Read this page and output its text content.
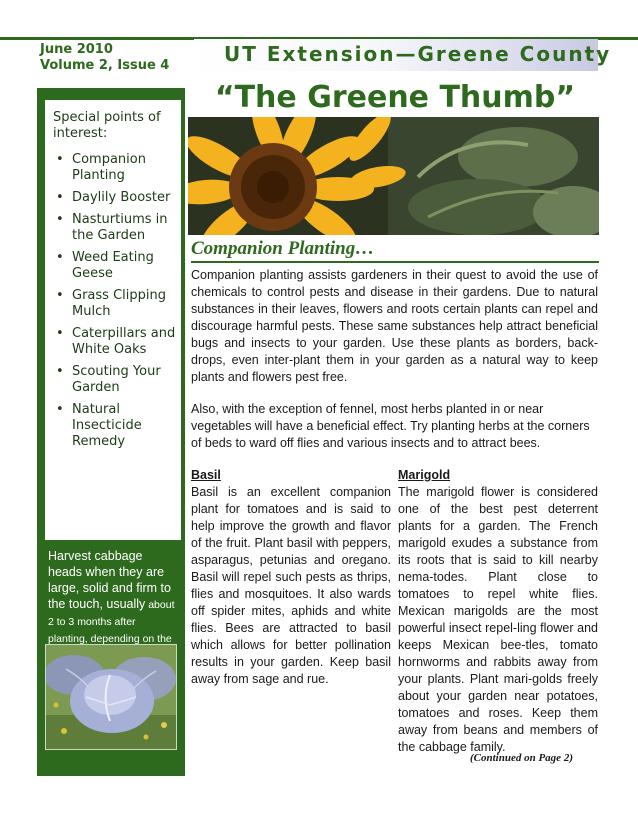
June 2010
Volume 2, Issue 4	UT Extension—Greene County
“The Greene Thumb”
Special points of interest:
• Companion Planting
• Daylily Booster
• Nasturtiums in the Garden
• Weed Eating Geese
• Grass Clipping Mulch
• Caterpillars and White Oaks
• Scouting Your Garden
• Natural Insecticide Remedy
Harvest cabbage heads when they are large, solid and firm to the touch, usually about 2 to 3 months after planting, depending on the
Companion Planting…

Companion planting assists gardeners in their quest to avoid the use of chemicals to control pests and disease in their gardens. Due to natural substances in their leaves, flowers and roots certain plants can repel and discourage harmful pests. These same substances help attract beneficial bugs and insects to your garden. Use these plants as borders, back-drops, even inter-plant them in your garden as a natural way to keep plants and flowers pest free.

Also, with the exception of fennel, most herbs planted in or near vegetables will have a beneficial effect. Try planting herbs at the corners of beds to ward off flies and various insects and to attract bees.

Basil

Basil is an excellent companion plant for tomatoes and is said to help improve the growth and flavor of the fruit. Plant basil with peppers, asparagus, petunias and oregano. Basil will repel such pests as thrips, flies and mosquitoes. It also wards off spider mites, aphids and white flies. Bees are attracted to basil which allows for better pollination results in your garden. Keep basil away from sage and rue.

Marigold

The marigold flower is considered one of the best pest deterrent plants for a garden. The French marigold exudes a substance from its roots that is said to kill nearby nema-todes. Plant close to tomatoes to repel white flies. Mexican marigolds are the most powerful insect repel-ling flower and keeps Mexican bee-tles, tomato hornworms and rabbits away from your plants. Plant mari-golds freely about your garden near potatoes, tomatoes and roses. Keep them away from beans and members of the cabbage family.

(Continued on Page 2)
